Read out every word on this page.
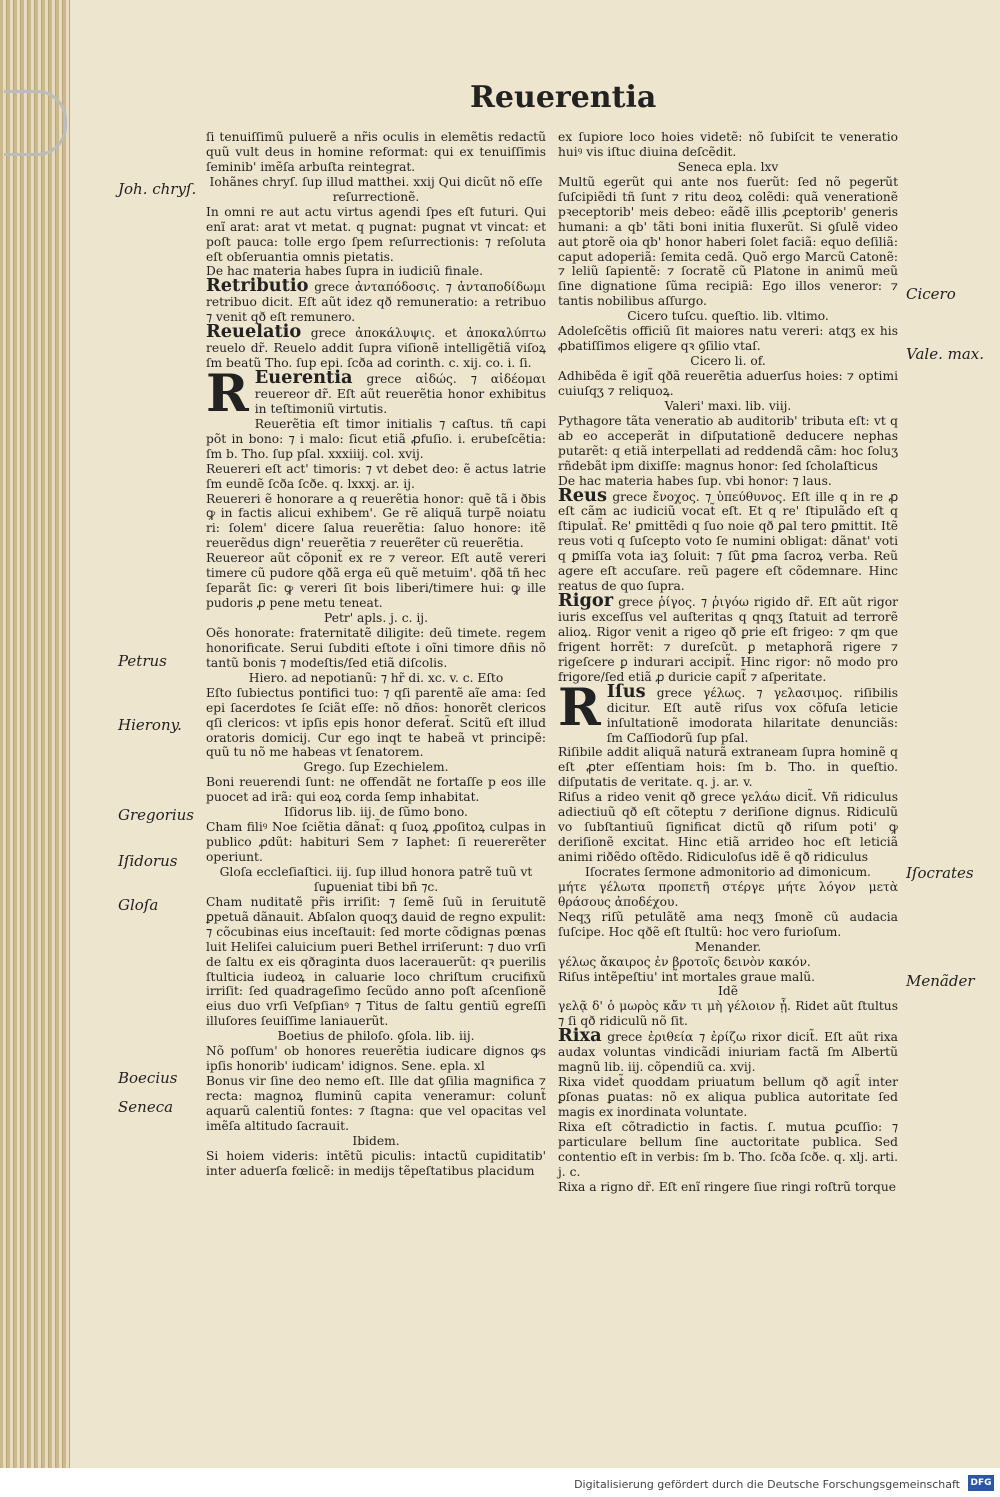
Reuerentia
Joh. chryſ.
Petrus
Hierony.
Gregorius
Iſidorus
Gloſa
Boecius
Seneca
Cicero
Vale. max.
Iſocrates
Menãder

ſi tenuiſſimũ puluerẽ a nr̃is oculis in elemẽtis redactũ quũ vult deus in homine reformat: qui ex tenuiſſimis ſeminib' imẽſa arbuſta reintegrat.

Iohãnes chryſ. ſup illud matthei. xxij Qui dicũt nõ eſſe reſurrectionẽ.

In omni re aut actu virtus agendi ſpes eſt futuri. Qui enĩ arat: arat vt metat. q pugnat: pugnat vt vincat: et poſt pauca: tolle ergo ſpem reſurrectionis: ⁊ reſoluta eſt obſeruantia omnis pietatis.

De hac materia habes ſupra in iudiciũ finale.

Retributio grece ἀνταπόδοσις. ⁊ ἀνταποδίδωμι retribuo dicit. Eſt aũt idez qð remuneratio: a retribuo ⁊ venit qð eſt remunero.

Reuelatio grece ἀποκάλυψις. et ἀποκαλύπτω reuelo dr̃. Reuelo addit ſupra viſionẽ intelligẽtiã viſoꝝ ſm beatũ Tho. ſup epi. ſcða ad corinth. c. xij. co. i. ſi.

R Euerentia grece αἰδώς. ⁊ αἰδέομαι reuereor dr̃. Eſt aũt reuerẽtia honor exhibitus in teſtimoniũ virtutis.

Reuerẽtia eſt timor initialis ⁊ caſtus. tñ capi põt in bono: ⁊ i malo: ſicut etiã ꝓfuſio. i. erubeſcẽtia: ſm b. Tho. ſup pſal. xxxiiij. col. xvij.

Reuereri eſt act' timoris: ⁊ vt debet deo: ẽ actus latrie ſm eundẽ ſcða ſcðe. q. lxxxj. ar. ij.

Reuereri ẽ honorare a q reuerẽtia honor: quẽ tã i ðbis ꝙ in factis alicui exhibem'. Ge rẽ aliquã turpẽ noiatu ri: ſolem' dicere ſalua reuerẽtia: ſaluo honore: itẽ reuerẽdus dign' reuerẽtia ⁊ reuerẽter cũ reuerẽtia.

Reuereor aũt cõponit̃ ex re ⁊ vereor. Eſt autẽ vereri timere cũ pudore qðã erga eũ quẽ metuim'. qðã tñ hec ſeparãt ſic: ꝙ vereri ſit bois liberi/timere hui: ꝙ ille pudoris ꝓ pene metu teneat.

Petr' apls. j. c. ij.

Oẽs honorate: fraternitatẽ diligite: deũ timete. regem honorificate. Serui ſubditi eſtote i oĩni timore dñis nõ tantũ bonis ⁊ modeſtis/ſed etiã diſcolis.

Hiero. ad nepotianũ: ⁊ hr̃ di. xc. v. c. Eſto

Eſto ſubiectus pontifici tuo: ⁊ qſi parentẽ aĩe ama: ſed epi ſacerdotes ſe ſciãt eſſe: nõ dños: honorẽt clericos qſi clericos: vt ipſis epis honor deferat̃. Scitũ eſt illud oratoris domicij. Cur ego inqt te habeã vt principẽ: quũ tu nõ me habeas vt ſenatorem.

Grego. ſup Ezechielem.

Boni reuerendi ſunt: ne offendãt ne fortaſſe p eos ille puocet ad irã: qui eoꝝ corda ſemp inhabitat.

Iſidorus lib. iij. de ſũmo bono.

Cham filiꝰ Noe ſciẽtia dãnat̃: q ſuoꝝ ꝓpoſitoꝝ culpas in publico ꝓdũt: habituri Sem ⁊ Iaphet: ſi reuererẽter operiunt.

Gloſa eccleſiaſtici. iij. ſup illud honora patrẽ tuũ vt ſuꝑueniat tibi bñ ⁊c.

Cham nuditatẽ pr̃is irriſit: ⁊ ſemẽ ſuũ in ſeruitutẽ ꝑpetuã dãnauit. Abſalon quoqʒ dauid de regno expulit: ⁊ cõcubinas eius inceſtauit: ſed morte cõdignas pœnas luit Heliſei caluicium pueri Bethel irriſerunt: ⁊ duo vrſi de ſaltu ex eis qðraginta duos lacerauerũt: qꝛ puerilis ſtulticia iudeoꝝ in caluarie loco chriſtum crucifixũ irriſit: ſed quadrageſimo ſecũdo anno poſt aſcenſionẽ eius duo vrſi Veſpſianꝰ ⁊ Titus de ſaltu gentiũ egreſſi illuſores ſeuiſſime laniauerũt.

Boetius de philoſo. ꝯſola. lib. iij.

Nõ poſſum' ob honores reuerẽtia iudicare dignos ꝙs ipſis honorib' iudicam' idignos. Sene. epla. xl

Bonus vir ſine deo nemo eſt. Ille dat ꝯſilia magnifica ⁊ recta: magnoꝝ fluminũ capita veneramur: colunt̃ aquarũ calentiũ fontes: ⁊ ſtagna: que vel opacitas vel imẽſa altitudo ſacrauit.

Ibidem.

Si hoiem videris: intẽtũ piculis: intactũ cupiditatib' inter aduerſa fœlicẽ: in medijs tẽpeſtatibus placidum

ex ſupiore loco hoies videtẽ: nõ ſubiſcit te veneratio huiꝰ vis iſtuc diuina deſcẽdit.

Seneca epla. lxv

Multũ egerũt qui ante nos fuerũt: ſed nõ pegerũt ſuſcipiẽdi tñ ſunt ⁊ ritu deoꝝ colẽdi: quã venerationẽ pꝛeceptorib' meis debeo: eãdẽ illis ꝓceptorib' generis humani: a qb' tãti boni initia fluxerũt. Si ꝯſulẽ video aut ꝑtorẽ oia qb' honor haberi ſolet faciã: equo deſiliã: caput adoperiã: ſemita cedã. Quõ ergo Marcũ Catonẽ: ⁊ leliũ ſapientẽ: ⁊ ſocratẽ cũ Platone in animũ meũ ſine dignatione ſũma recipiã: Ego illos veneror: ⁊ tantis nobilibus aſſurgo.

Cicero tuſcu. queſtio. lib. vltimo.

Adoleſcẽtis officiũ ſit maiores natu vereri: atqʒ ex his ꝓbatiſſimos eligere qꝛ ꝯſilio vtaſ.

Cicero li. of.

Adhibẽda ẽ igit̃ qðã reuerẽtia aduerſus hoies: ⁊ optimi cuiuſqʒ ⁊ reliquoꝝ.

Valeri' maxi. lib. viij.

Pythagore tãta veneratio ab auditorib' tributa eſt: vt q ab eo acceperãt in diſputationẽ deducere nephas putarẽt: q etiã interpellati ad reddendã cãm: hoc ſoluʒ rñdebãt ipm dixiſſe: magnus honor: ſed ſcholaſticus

De hac materia habes ſup. vbi honor: ⁊ laus.

Reus grece ἔνοχος. ⁊ ὑπεύθυνος. Eſt ille q in re ꝓ eſt cãm ac iudiciũ vocat̃ eſt. Et q re' ſtipulãdo eſt q ſtipulat̃. Re' ꝑmittẽdi q ſuo noie qð ꝑal tero ꝑmittit. Itẽ reus voti q ſuſcepto voto ſe numini obligat: dãnat' voti q ꝑmiſſa vota iaʒ ſoluit: ⁊ ſũt ꝑma ſacroꝝ verba. Reũ agere eſt accuſare. reũ pagere eſt cõdemnare. Hinc reatus de quo ſupra.

Rigor grece ῥίγος. ⁊ ῥιγόω rigido dr̃. Eſt aũt rigor iuris exceſſus vel auſteritas q qnqʒ ſtatuit ad terrorẽ alioꝝ. Rigor venit a rigeo qð ꝑrie eſt frigeo: ⁊ qm que frigent horrẽt: ⁊ dureſcũt. ꝑ metaphorã rigere ⁊ rigeſcere ꝑ indurari accipit̃. Hinc rigor: nõ modo pro frigore/ſed etiã ꝓ duricie capit̃ ⁊ aſperitate.

R Iſus grece γέλως. ⁊ γελασιμος. riſibilis dicitur. Eſt autẽ riſus vox cõfuſa leticie inſultationẽ imodorata hilaritate denunciãs: ſm Caſſiodorũ ſup pſal.

Riſibile addit aliquã naturã extraneam ſupra hominẽ q eſt ꝓter eſſentiam hois: ſm b. Tho. in queſtio. diſputatis de veritate. q. j. ar. v.

Riſus a rideo venit qð grece γελάω dicit̃. Vñ ridiculus adiectiuũ qð eſt cõteptu ⁊ deriſione dignus. Ridiculũ vo ſubſtantiuũ ſignificat dictũ qð riſum poti' ꝙ deriſionẽ excitat. Hinc etiã arrideo hoc eſt leticiã animi riðẽdo oſtẽdo. Ridiculoſus idẽ ẽ qð ridiculus

Iſocrates ſermone admonitorio ad dimonicum.

μήτε γέλωτα προπετῆ στέργε μήτε λόγον μετὰ θράσους ἀποδέχου.

Neqʒ riſũ petulãtẽ ama neqʒ ſmonẽ cũ audacia ſuſcipe. Hoc qðẽ eſt ſtultũ: hoc vero furioſum.

Menander.

γέλως ἄκαιρος ἐν βροτοῖς δεινὸν κακόν.

Riſus intẽpeſtiu' int̃ mortales graue malũ.

Idẽ

γελᾷ δ' ὁ μωρὸς κἄν τι μὴ γέλοιον ᾖ. Ridet aũt ſtultus ⁊ ſi qð ridiculũ nõ ſit.

Rixa grece ἐριθεία ⁊ ἐρίζω rixor dicit̃. Eſt aũt rixa audax voluntas vindicãdi iniuriam factã ſm Albertũ magnũ lib. iij. cõpendiũ ca. xvij.

Rixa videt̃ quoddam priuatum bellum qð agit̃ inter ꝑſonas ꝑuatas: nõ ex aliqua publica autoritate ſed magis ex inordinata voluntate.

Rixa eſt cõtradictio in factis. ſ. mutua ꝑcuſſio: ⁊ particulare bellum ſine auctoritate publica. Sed contentio eſt in verbis: ſm b. Tho. ſcða ſcðe. q. xlj. arti. j. c.

Rixa a rigno dr̃. Eſt enĩ ringere ſiue ringi roſtrũ torque

Digitalisierung gefördert durch die Deutsche Forschungsgemeinschaft DFG
